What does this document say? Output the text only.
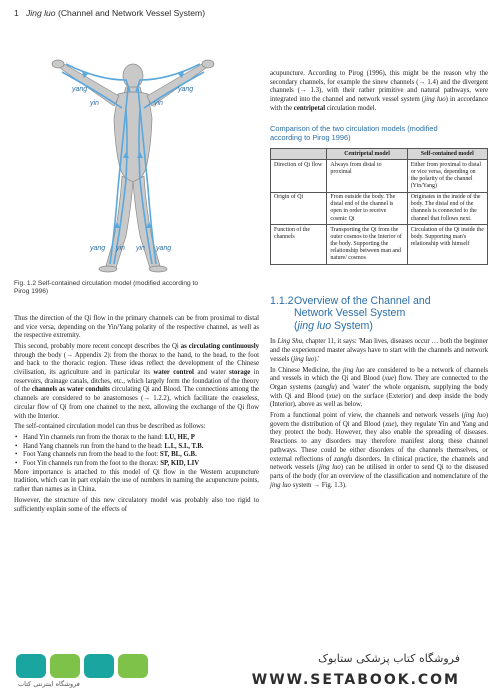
1 Jing luo (Channel and Network Vessel System)
yang	yang
yin	yin
yang yin yin yang
Fig. 1.2 Self-contained circulation model (modified according to Pirog 1996)

Thus the direction of the Qi flow in the primary channels can be from proximal to distal and vice versa, depending on the Yin/Yang polarity of the respective channel, as well as the respective extremity.

This second, probably more recent concept describes the Qi as circulating continuously through the body (→ Appendix 2): from the thorax to the hand, to the head, to the foot and back to the thoracic region. These ideas reflect the development of the Chinese civilisation, its agriculture and in particular its water control and water storage in reservoirs, drainage canals, ditches, etc., which largely form the foundation of the theory of the channels as water conduits circulating Qi and Blood. The connections among the channels are considered to be anastomoses (→ 1.2.2), which facilitate the ceaseless, circular flow of Qi from one channel to the next, allowing the exchange of the Qi flow with the Interior.

The self-contained circulation model can thus be described as follows:

• Hand Yin channels run from the thorax to the hand: LU, HE, P
• Hand Yang channels run from the hand to the head: L.I., S.I., T.B.
• Foot Yang channels run from the head to the foot: ST, BL, G.B.
• Foot Yin channels run from the foot to the thorax: SP, KID, LIV

More importance is attached to this model of Qi flow in the Western acupuncture tradition, which can in part explain the use of numbers in naming the acupuncture points, rather than names as in China.

However, the structure of this new circulatory model was probably also too rigid to sufficiently explain some of the effects of

acupuncture. According to Pirog (1996), this might be the reason why the secondary channels, for example the sinew channels (→ 1.4) and the divergent channels (→ 1.3), with their rather primitive and natural pathways, were integrated into the channel and network vessel system (jing luo) in accordance with the centripetal circulation model.

Comparison of the two circulation models (modified according to Pirog 1996)
	Centripetal model	Self-contained model
Direction of Qi flow	Always from distal to proximal	Either from proximal to distal or vice versa, depending on the polarity of the channel (Yin/Yang)
Origin of Qi	From outside the body. The distal end of the channel is open in order to receive cosmic Qi	Originates in the inside of the body. The distal end of the channels is connected to the channel that follows next.
Function of the channels	Transporting the Qi from the outer cosmos to the Interior of the body. Supporting the relationship between man and nature/ cosmos	Circulation of the Qi inside the body. Supporting man's relationship with himself
1.1.2Overview of the Channel and
Network Vessel System
(jing luo System)

In Ling Shu, chapter 11, it says: 'Man lives, diseases occur … both the beginner and the experienced master always have to start with the channels and network vessels (jing luo).'

In Chinese Medicine, the jing luo are considered to be a network of channels and vessels in which the Qi and Blood (xue) flow. They are connected to the Organ systems (zangfu) and 'water' the whole organism, supplying the body with Qi and Blood (xue) on the surface (Exterior) and deep inside the body (Interior), above as well as below.

From a functional point of view, the channels and network vessels (jing luo) govern the distribution of Qi and Blood (xue), they regulate Yin and Yang and they protect the body. However, they also enable the spreading of diseases. Reactions to any disorders may therefore manifest along these channel pathways. These could be either disorders of the channels themselves, or external reflections of zangfu disorders. In clinical practice, the channels and network vessels (jing luo) can be utilised in order to send Qi to the diseased parts of the body (for an overview of the classification and nomenclature of the jing luo system → Fig. 1.3).

فروشگاه اینترنتی کتاب
فروشگاه کتاب پزشکی ستابوک
WWW.SETABOOK.COM
